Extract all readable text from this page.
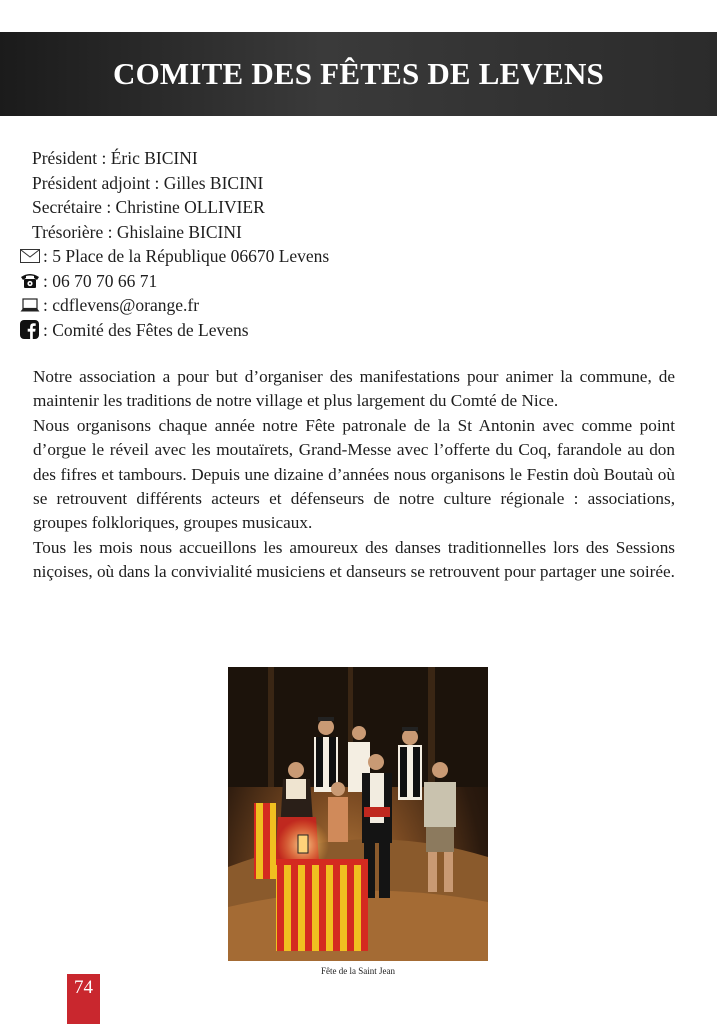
COMITE DES FÊTES DE LEVENS
Président : Éric BICINI
Président adjoint : Gilles BICINI
Secrétaire : Christine OLLIVIER
Trésorière : Ghislaine BICINI
: 5 Place de la République 06670 Levens
: 06 70 70 66 71
: cdflevens@orange.fr
: Comité des Fêtes de Levens

Notre association a pour but d’organiser des manifestations pour animer la commune, de maintenir les traditions de notre village et plus largement du Comté de Nice.

Nous organisons chaque année notre Fête patronale de la St Antonin avec comme point d’orgue le réveil avec les moutaïrets, Grand-Messe avec l’offerte du Coq, farandole au don des fifres et tambours. Depuis une dizaine d’années nous organisons le Festin doù Boutaù où se retrouvent différents acteurs et défenseurs de notre culture régionale : associations, groupes folkloriques, groupes musicaux.

Tous les mois nous accueillons les amoureux des danses traditionnelles lors des Sessions niçoises, où dans la convivialité musiciens et danseurs se retrouvent pour partager une soirée.

Fête de la Saint Jean
74
